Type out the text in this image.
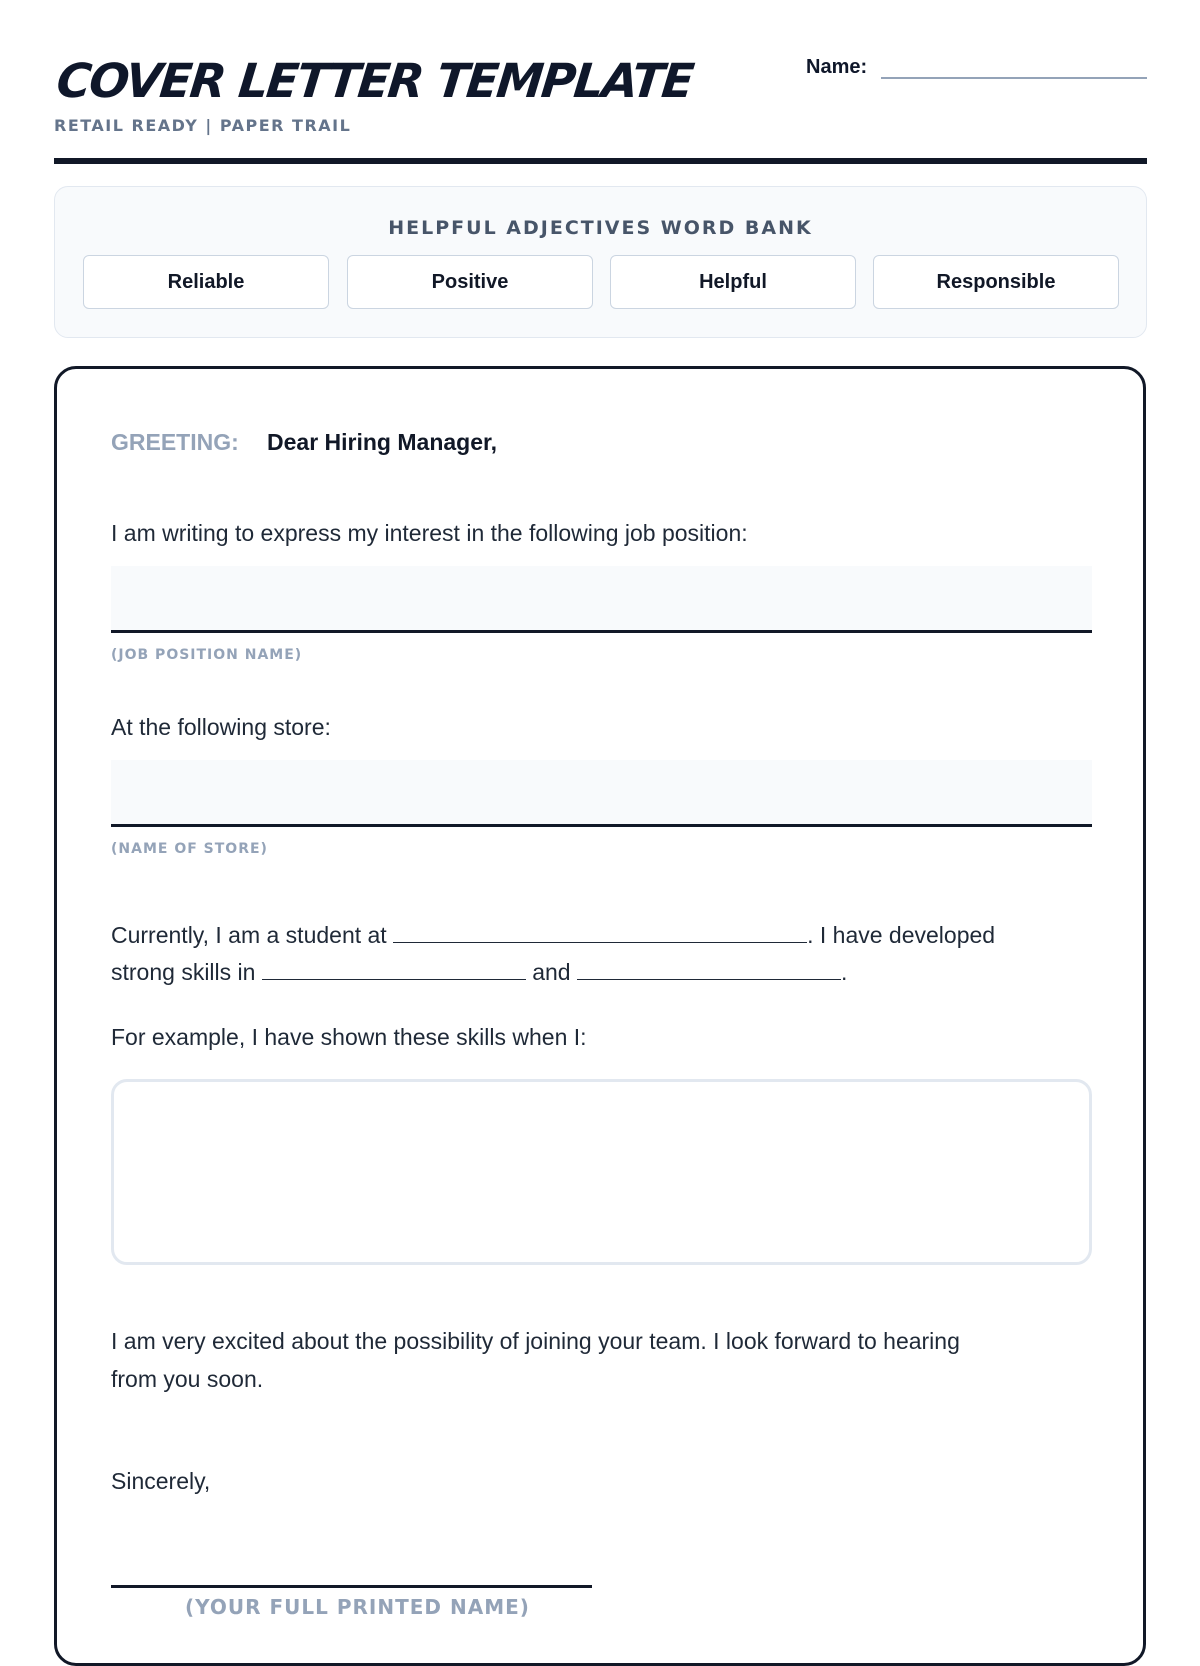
COVER LETTER TEMPLATE
RETAIL READY | PAPER TRAIL
Name:
HELPFUL ADJECTIVES WORD BANK
Reliable	Positive	Helpful	Responsible
GREETING: Dear Hiring Manager,
I am writing to express my interest in the following job position:
(JOB POSITION NAME)
At the following store:
(NAME OF STORE)
Currently, I am a student at	. I have developed
strong skills in	and	.
For example, I have shown these skills when I:
I am very excited about the possibility of joining your team. I look forward to hearing
from you soon.
Sincerely,
(YOUR FULL PRINTED NAME)
